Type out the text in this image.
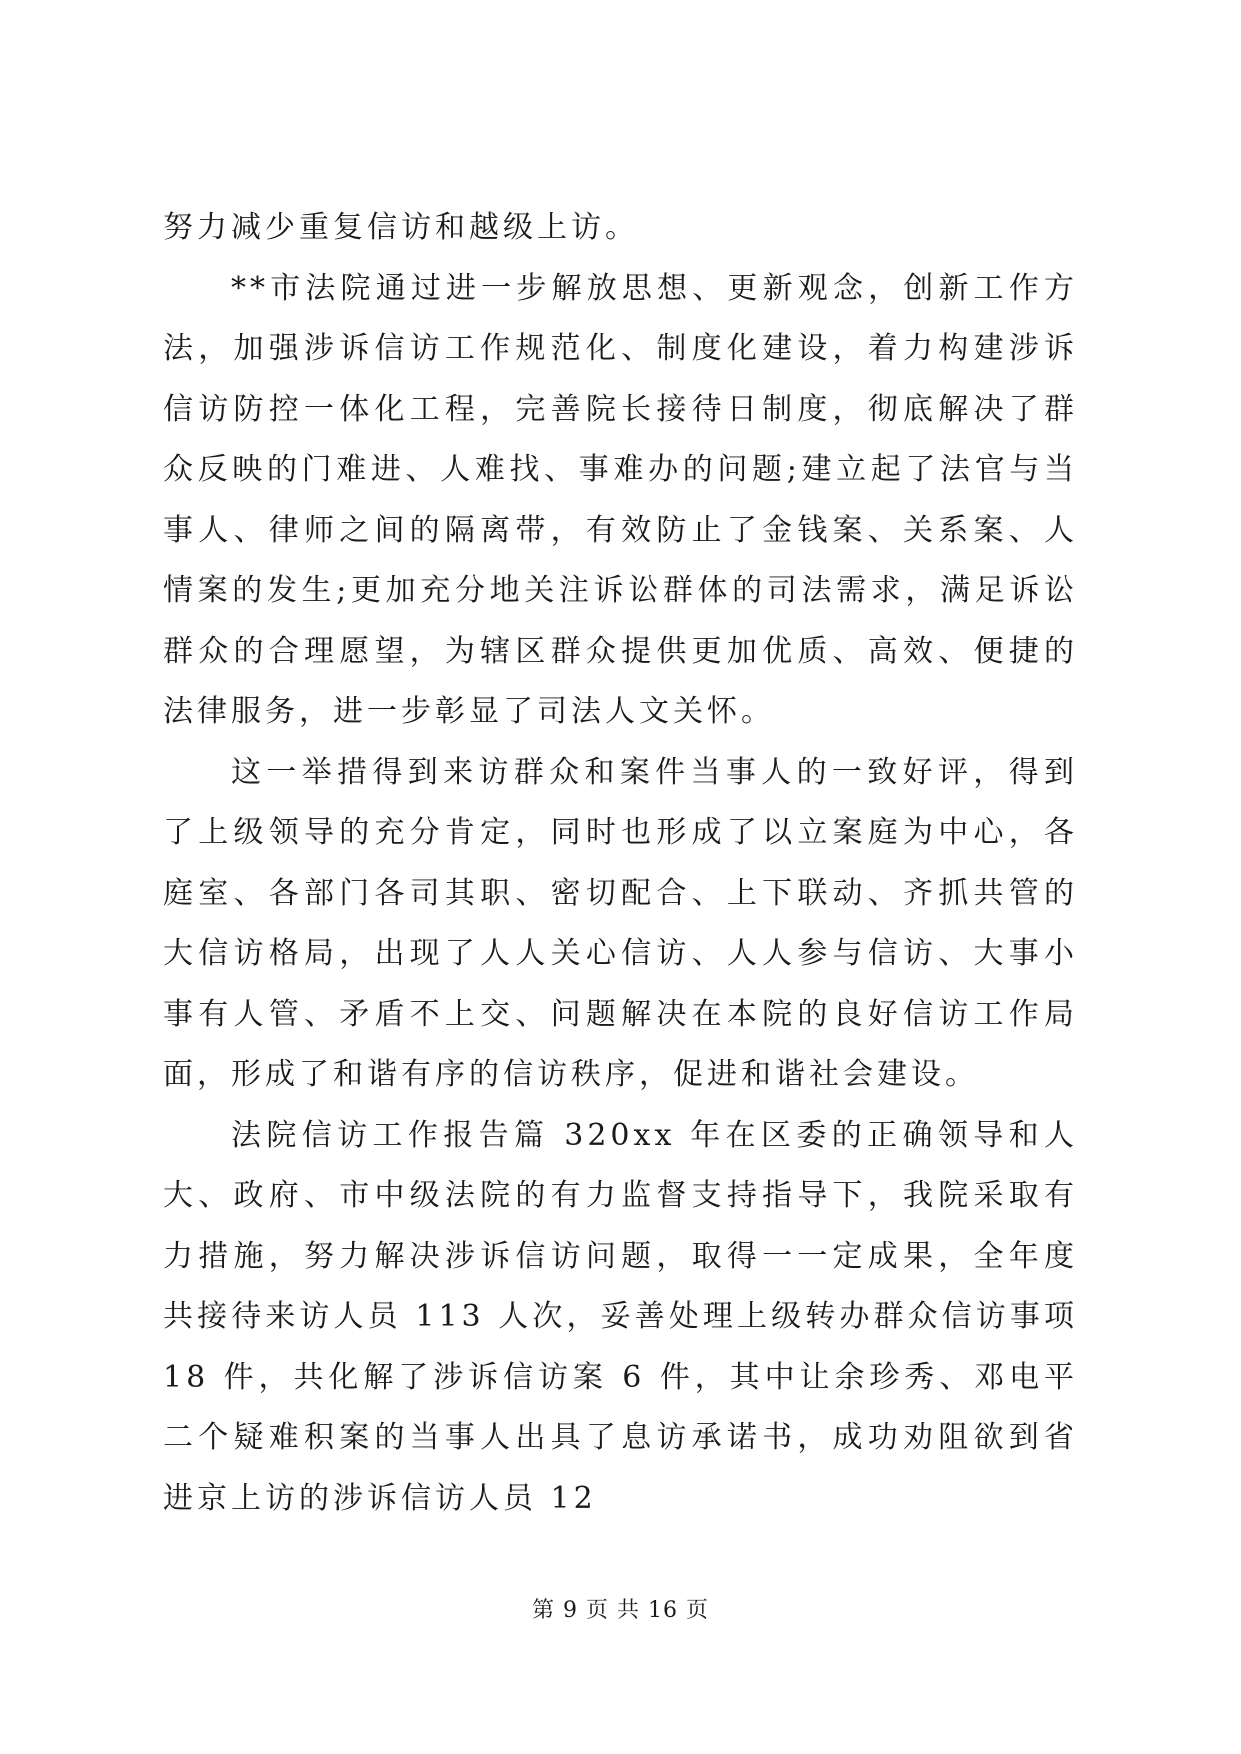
努力减少重复信访和越级上访。

**市法院通过进一步解放思想、更新观念，创新工作方法，加强涉诉信访工作规范化、制度化建设，着力构建涉诉信访防控一体化工程，完善院长接待日制度，彻底解决了群众反映的门难进、人难找、事难办的问题;建立起了法官与当事人、律师之间的隔离带，有效防止了金钱案、关系案、人情案的发生;更加充分地关注诉讼群体的司法需求，满足诉讼群众的合理愿望，为辖区群众提供更加优质、高效、便捷的法律服务，进一步彰显了司法人文关怀。

这一举措得到来访群众和案件当事人的一致好评，得到了上级领导的充分肯定，同时也形成了以立案庭为中心，各庭室、各部门各司其职、密切配合、上下联动、齐抓共管的大信访格局，出现了人人关心信访、人人参与信访、大事小事有人管、矛盾不上交、问题解决在本院的良好信访工作局面，形成了和谐有序的信访秩序，促进和谐社会建设。

法院信访工作报告篇 320xx 年在区委的正确领导和人大、政府、市中级法院的有力监督支持指导下，我院采取有力措施，努力解决涉诉信访问题，取得一一定成果，全年度共接待来访人员 113 人次，妥善处理上级转办群众信访事项 18 件，共化解了涉诉信访案 6 件，其中让余珍秀、邓电平二个疑难积案的当事人出具了息访承诺书，成功劝阻欲到省进京上访的涉诉信访人员 12

第 9 页 共 16 页
